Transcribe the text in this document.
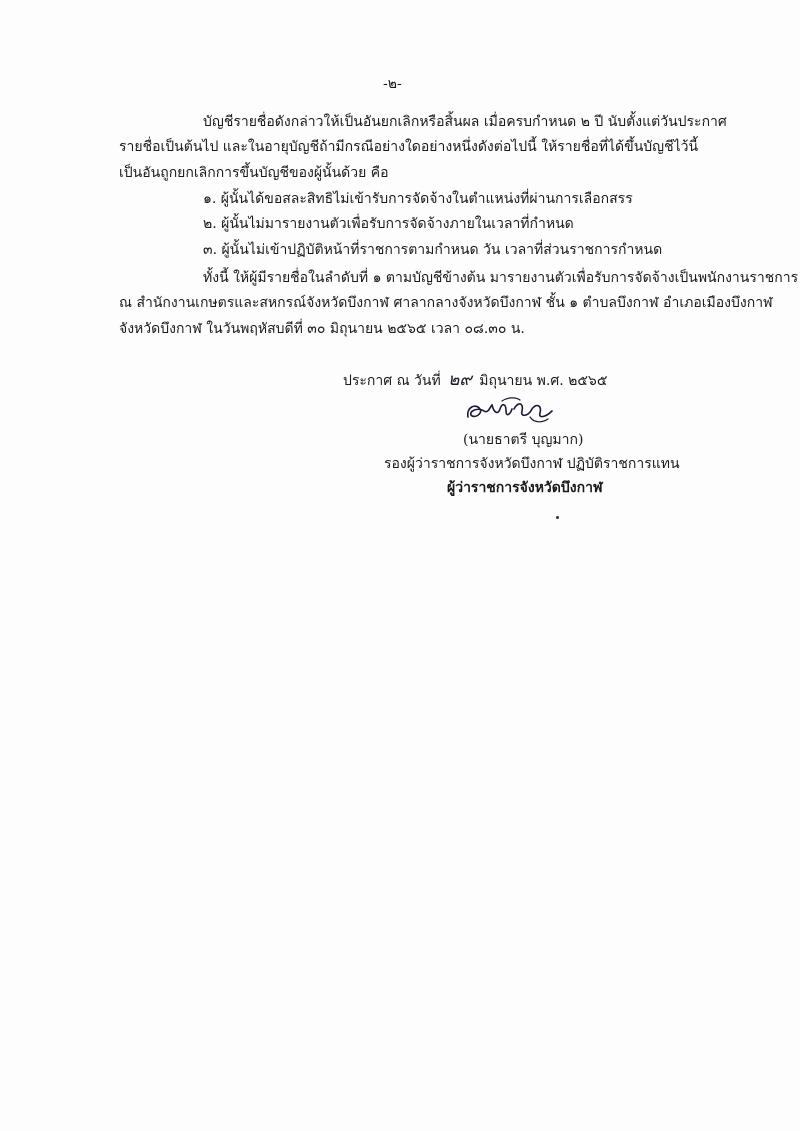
-๒-
บัญชีรายชื่อดังกล่าวให้เป็นอันยกเลิกหรือสิ้นผล เมื่อครบกำหนด ๒ ปี นับตั้งแต่วันประกาศ
รายชื่อเป็นต้นไป และในอายุบัญชีถ้ามีกรณีอย่างใดอย่างหนึ่งดังต่อไปนี้ ให้รายชื่อที่ได้ขึ้นบัญชีไว้นี้
เป็นอันถูกยกเลิกการขึ้นบัญชีของผู้นั้นด้วย คือ
๑. ผู้นั้นได้ขอสละสิทธิไม่เข้ารับการจัดจ้างในตำแหน่งที่ผ่านการเลือกสรร
๒. ผู้นั้นไม่มารายงานตัวเพื่อรับการจัดจ้างภายในเวลาที่กำหนด
๓. ผู้นั้นไม่เข้าปฏิบัติหน้าที่ราชการตามกำหนด วัน เวลาที่ส่วนราชการกำหนด
ทั้งนี้ ให้ผู้มีรายชื่อในลำดับที่ ๑ ตามบัญชีข้างต้น มารายงานตัวเพื่อรับการจัดจ้างเป็นพนักงานราชการ
ณ สำนักงานเกษตรและสหกรณ์จังหวัดบึงกาฬ ศาลากลางจังหวัดบึงกาฬ ชั้น ๑ ตำบลบึงกาฬ อำเภอเมืองบึงกาฬ
จังหวัดบึงกาฬ ในวันพฤหัสบดีที่ ๓๐ มิถุนายน ๒๕๖๕ เวลา ๐๘.๓๐ น.
ประกาศ ณ วันที่ ๒๙ มิถุนายน พ.ศ. ๒๕๖๕
(นายธาตรี บุญมาก)
รองผู้ว่าราชการจังหวัดบึงกาฬ ปฏิบัติราชการแทน
ผู้ว่าราชการจังหวัดบึงกาฬ
